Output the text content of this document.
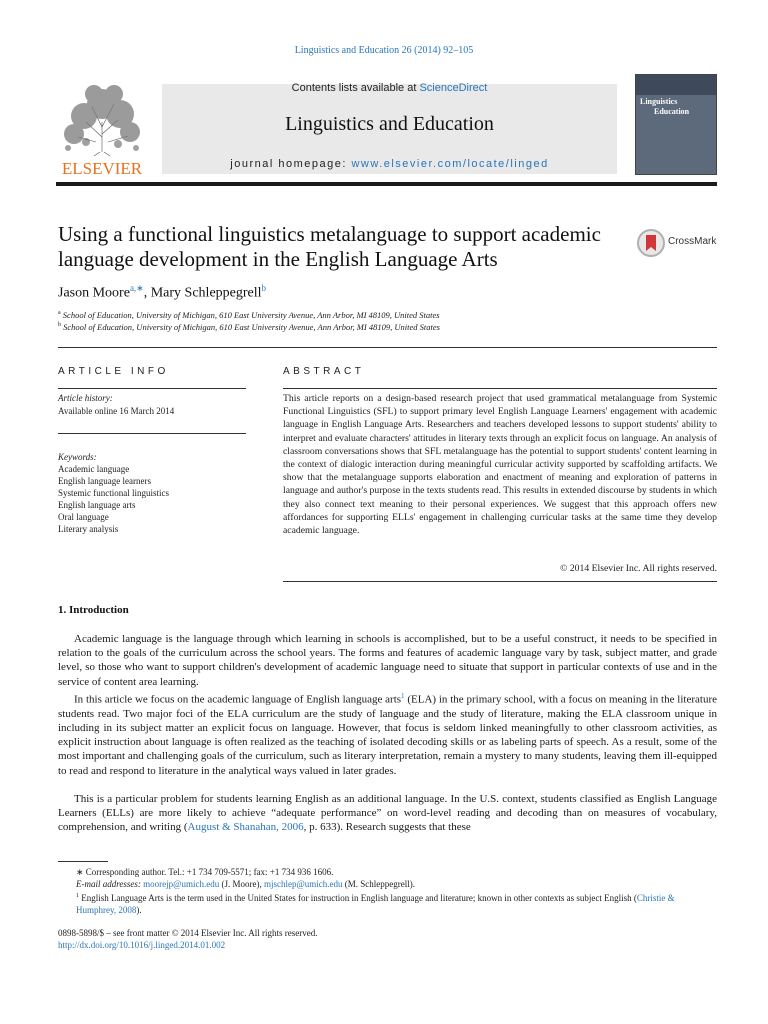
Linguistics and Education 26 (2014) 92–105
ELSEVIER
Contents lists available at ScienceDirect
Linguistics and Education
journal homepage: www.elsevier.com/locate/linged
Linguistics
Education
Using a functional linguistics metalanguage to support academic language development in the English Language Arts
CrossMark
Jason Moore$^{a,∗}$, Mary Schleppegrell$^b$
$^a$ School of Education, University of Michigan, 610 East University Avenue, Ann Arbor, MI 48109, United States
$^b$ School of Education, University of Michigan, 610 East University Avenue, Ann Arbor, MI 48109, United States
ARTICLE INFO	ABSTRACT
Article history:
Available online 16 March 2014
Keywords:
Academic language
English language learners
Systemic functional linguistics
English language arts
Oral language
Literary analysis
This article reports on a design-based research project that used grammatical metalanguage from Systemic Functional Linguistics (SFL) to support primary level English Language Learners' engagement with academic language in English Language Arts. Researchers and teachers developed lessons to support students' ability to interpret and evaluate characters' attitudes in literary texts through an explicit focus on language. An analysis of classroom conversations shows that SFL metalanguage has the potential to support students' content learning in the context of dialogic interaction during meaningful curricular activity supported by scaffolding artifacts. We show that the metalanguage supports elaboration and enactment of meaning and exploration of patterns in language and author's purpose in the texts students read. This results in extended discourse by students in which they also connect text meaning to their personal experiences. We suggest that this approach offers new affordances for supporting ELLs' engagement in challenging curricular tasks at the same time they develop academic language.
© 2014 Elsevier Inc. All rights reserved.
1. Introduction

Academic language is the language through which learning in schools is accomplished, but to be a useful construct, it needs to be specified in relation to the goals of the curriculum across the school years. The forms and features of academic language vary by task, subject matter, and grade level, so those who want to support children's development of academic language need to situate that support in particular contexts of use and in the service of content area learning.

In this article we focus on the academic language of English language arts$^1$ (ELA) in the primary school, with a focus on meaning in the literature students read. Two major foci of the ELA curriculum are the study of language and the study of literature, making the ELA classroom unique in including in its subject matter an explicit focus on language. However, that focus is seldom linked meaningfully to other classroom activities, as explicit instruction about language is often realized as the teaching of isolated decoding skills or as labeling parts of speech. As a result, some of the most important and challenging goals of the curriculum, such as literary interpretation, remain a mystery to many students, leaving them ill-equipped to read and respond to literature in the analytical ways valued in later grades.

This is a particular problem for students learning English as an additional language. In the U.S. context, students classified as English Language Learners (ELLs) are more likely to achieve “adequate performance” on word-level reading and decoding than on measures of vocabulary, comprehension, and writing (August & Shanahan, 2006, p. 633). Research suggests that these

∗ Corresponding author. Tel.: +1 734 709-5571; fax: +1 734 936 1606.
E-mail addresses: moorejp@umich.edu (J. Moore), mjschlep@umich.edu (M. Schleppegrell).
$^1$ English Language Arts is the term used in the United States for instruction in English language and literature; known in other contexts as subject English (Christie & Humphrey, 2008).
0898-5898/$ – see front matter © 2014 Elsevier Inc. All rights reserved.
http://dx.doi.org/10.1016/j.linged.2014.01.002
